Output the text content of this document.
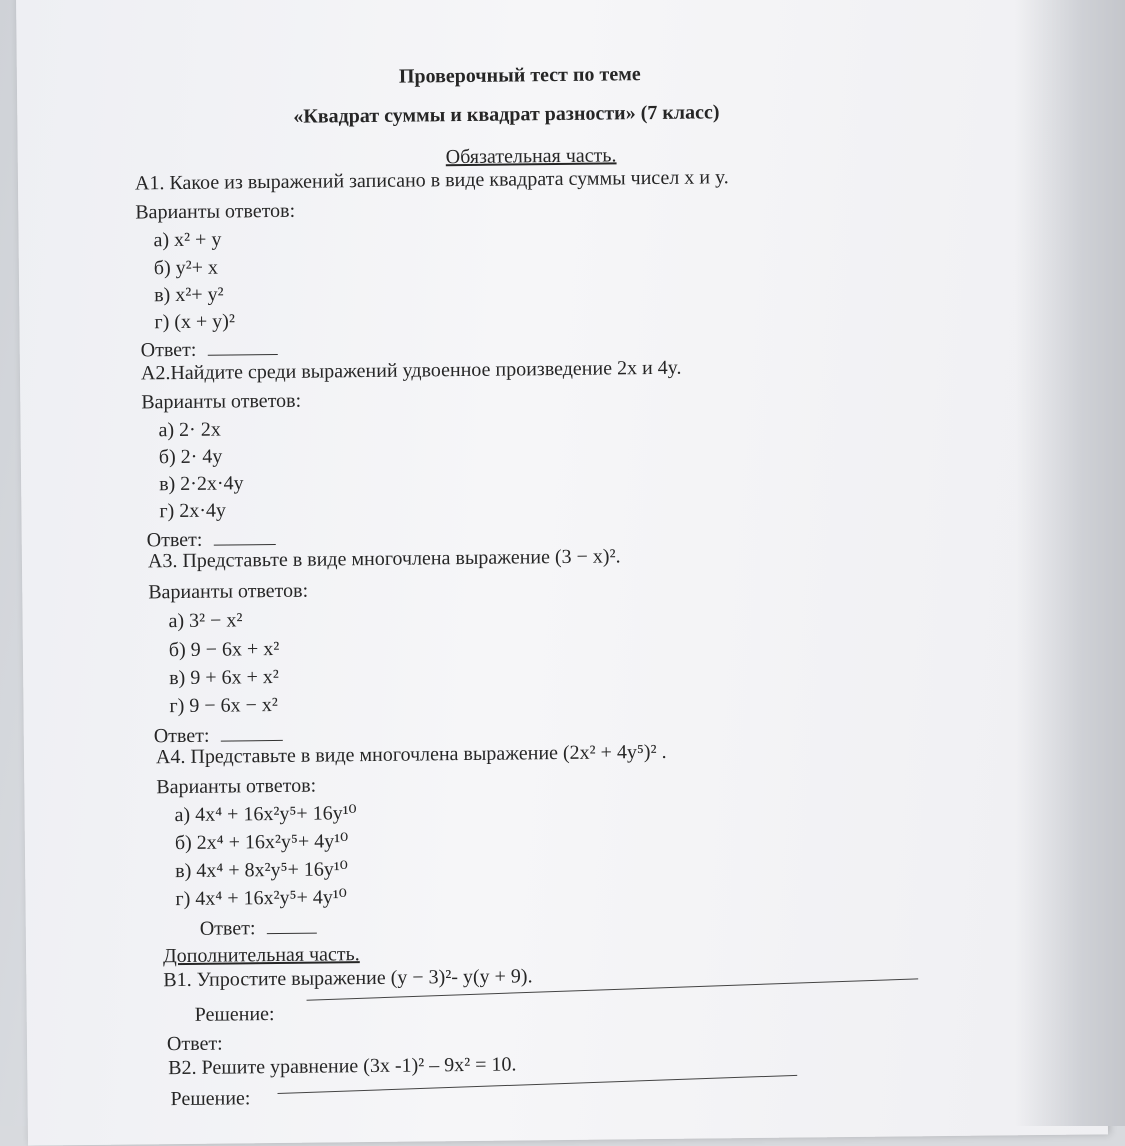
Проверочный тест по теме
«Квадрат суммы и квадрат разности» (7 класс)
Обязательная часть.
А1. Какое из выражений записано в виде квадрата суммы чисел x и y.
Варианты ответов:
а) x² + y
б) y²+ x
в) x²+ y²
г) (x + y)²
Ответ:
А2.Найдите среди выражений удвоенное произведение 2x и 4y.
Варианты ответов:
а) 2· 2x
б) 2· 4y
в) 2·2x·4y
г) 2x·4y
Ответ:
А3. Представьте в виде многочлена выражение (3 − x)².
Варианты ответов:
а) 3² − x²
б) 9 − 6x + x²
в) 9 + 6x + x²
г) 9 − 6x − x²
Ответ:
А4. Представьте в виде многочлена выражение (2x² + 4y⁵)² .
Варианты ответов:
а) 4x⁴ + 16x²y⁵+ 16y¹⁰
б) 2x⁴ + 16x²y⁵+ 4y¹⁰
в) 4x⁴ + 8x²y⁵+ 16y¹⁰
г) 4x⁴ + 16x²y⁵+ 4y¹⁰
Ответ:
Дополнительная часть.
В1. Упростите выражение (y − 3)²- y(y + 9).
Решение:
Ответ:
В2. Решите уравнение (3x -1)² – 9x² = 10.
Решение:
